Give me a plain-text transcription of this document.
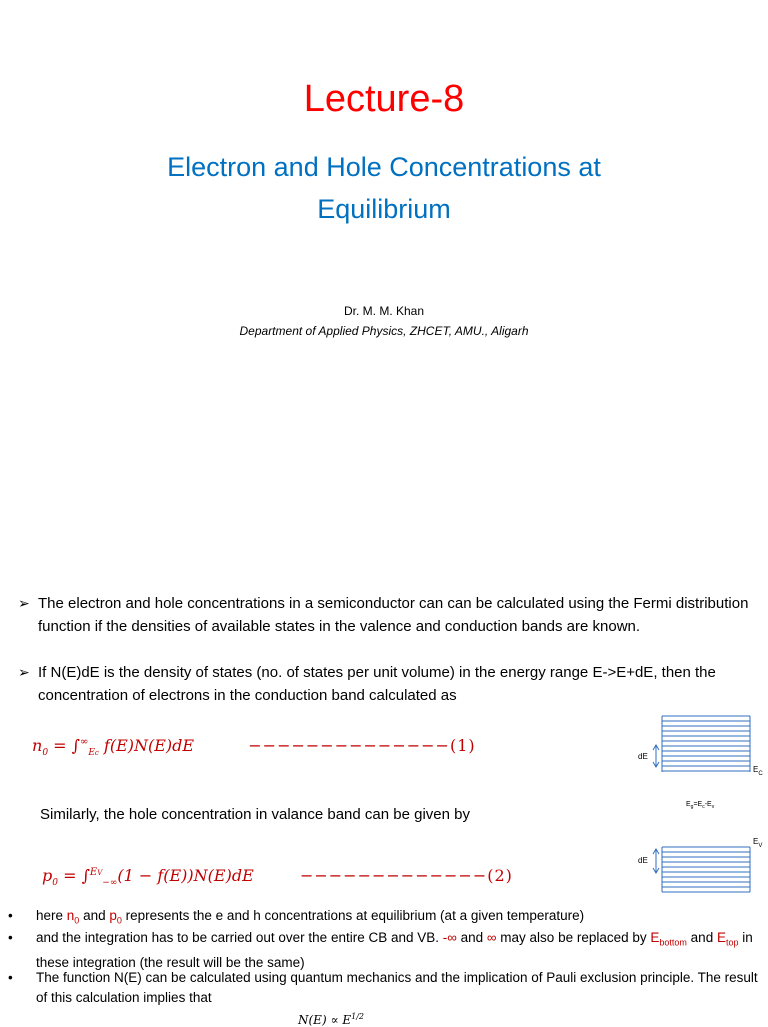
Lecture-8
Electron and Hole Concentrations at
Equilibrium
Dr. M. M. Khan
Department of Applied Physics, ZHCET, AMU., Aligarh
➢ The electron and hole concentrations in a semiconductor can can be calculated using the Fermi distribution function if the densities of available states in the valence and conduction bands are known.
➢ If N(E)dE is the density of states (no. of states per unit volume) in the energy range E->E+dE, then the concentration of electrons in the conduction band calculated as
$n_0 = \int^\infty_{Ec}$ f(E)N(E)dE	−−−−−−−−−−−−−−(1)
Similarly, the hole concentration in valance band can be given by
$p_0 = \int^{EV}_{-\infty}(1 - f(E))N(E)dE$	−−−−−−−−−−−−−(2)
• here $n_0$ and $p_0$ represents the e and h concentrations at equilibrium (at a given temperature)
• and the integration has to be carried out over the entire CB and VB. -∞ and ∞ may also be replaced by $E_{bottom}$ and $E_{top}$ in these integration (the result will be the same)
• The function N(E) can be calculated using quantum mechanics and the implication of Pauli exclusion principle. The result of this calculation implies that
$N(E) \propto E^{1/2}$
dE
dE
$E_C$
$E_V$
$E_g=E_c-E_v$
